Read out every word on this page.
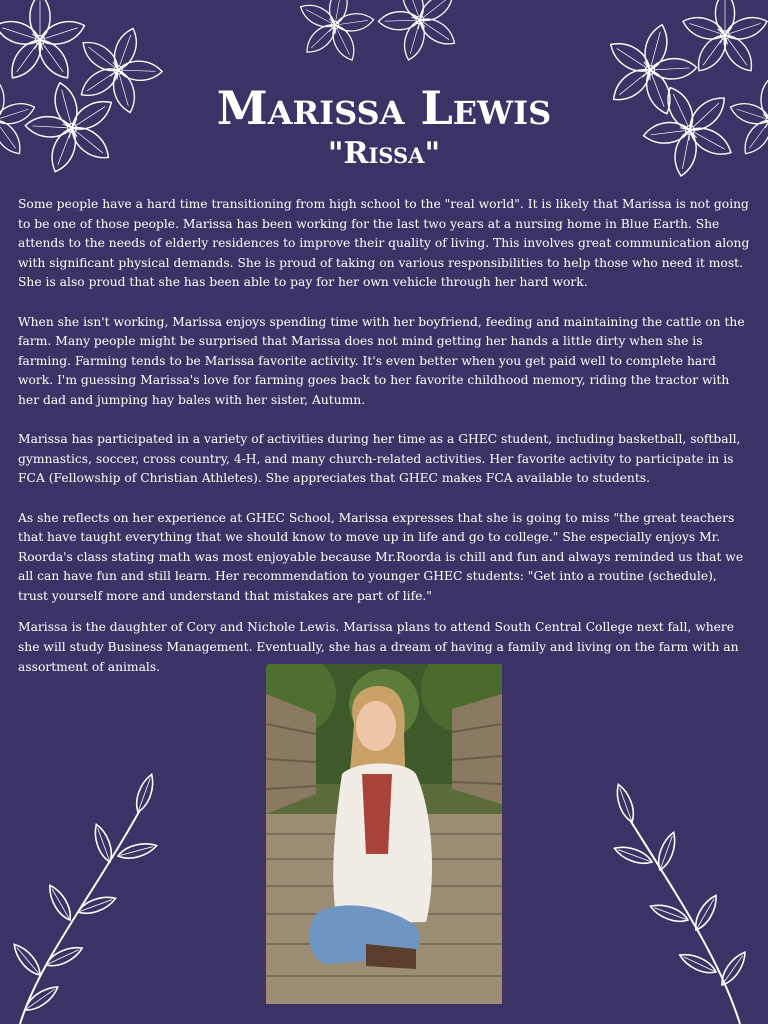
Marissa Lewis
"Rissa"

Some people have a hard time transitioning from high school to the "real world". It is likely that Marissa is not going to be one of those people. Marissa has been working for the last two years at a nursing home in Blue Earth. She attends to the needs of elderly residences to improve their quality of living. This involves great communication along with significant physical demands. She is proud of taking on various responsibilities to help those who need it most. She is also proud that she has been able to pay for her own vehicle through her hard work.

When she isn't working, Marissa enjoys spending time with her boyfriend, feeding and maintaining the cattle on the farm. Many people might be surprised that Marissa does not mind getting her hands a little dirty when she is farming. Farming tends to be Marissa favorite activity. It's even better when you get paid well to complete hard work. I'm guessing Marissa's love for farming goes back to her favorite childhood memory, riding the tractor with her dad and jumping hay bales with her sister, Autumn.

Marissa has participated in a variety of activities during her time as a GHEC student, including basketball, softball, gymnastics, soccer, cross country, 4-H, and many church-related activities. Her favorite activity to participate in is FCA (Fellowship of Christian Athletes). She appreciates that GHEC makes FCA available to students.

As she reflects on her experience at GHEC School, Marissa expresses that she is going to miss "the great teachers that have taught everything that we should know to move up in life and go to college." She especially enjoys Mr. Roorda's class stating math was most enjoyable because Mr.Roorda is chill and fun and always reminded us that we all can have fun and still learn. Her recommendation to younger GHEC students: "Get into a routine (schedule), trust yourself more and understand that mistakes are part of life."

Marissa is the daughter of Cory and Nichole Lewis. Marissa plans to attend South Central College next fall, where she will study Business Management. Eventually, she has a dream of having a family and living on the farm with an assortment of animals.
